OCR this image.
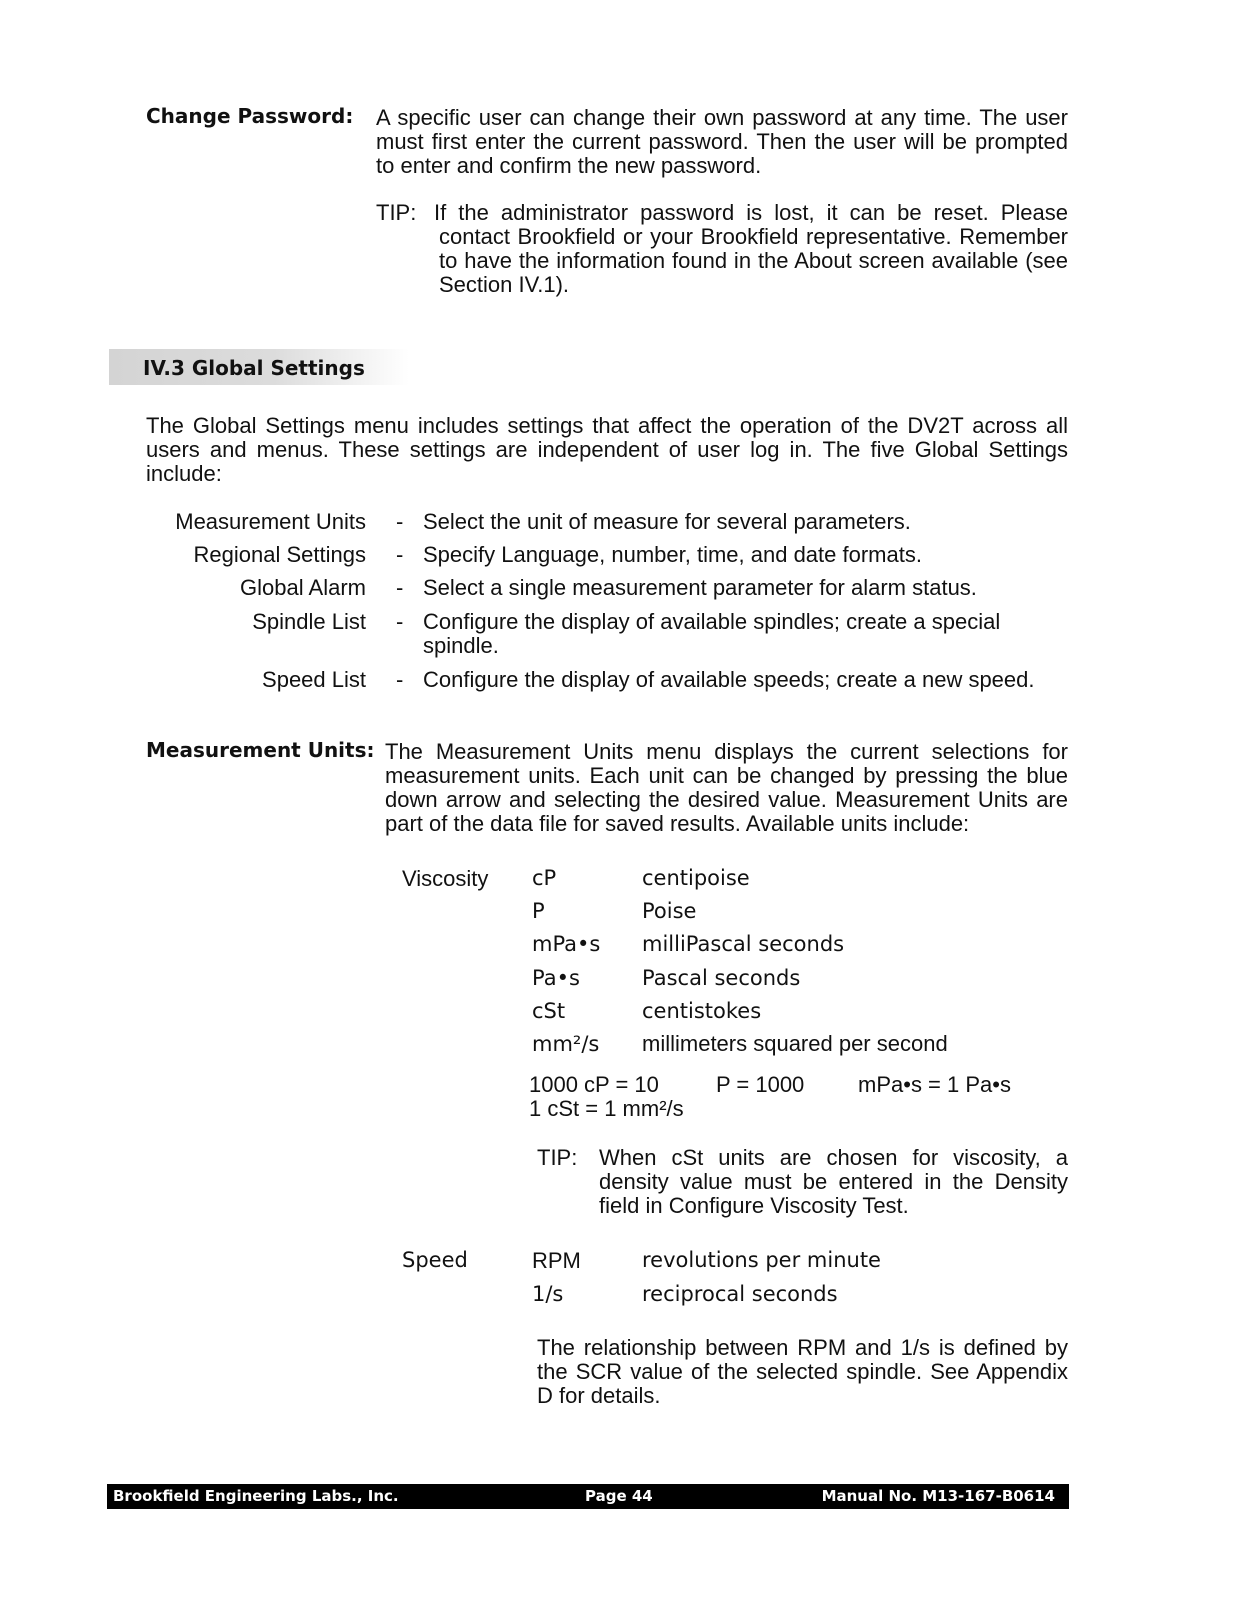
Change Password: A specific user can change their own password at any time. The user must first enter the current password. Then the user will be prompted to enter and confirm the new password.
TIP: If the administrator password is lost, it can be reset. Please contact Brookfield or your Brookfield representative. Remember to have the information found in the About screen available (see Section IV.1).
IV.3 Global Settings
The Global Settings menu includes settings that affect the operation of the DV2T across all users and menus. These settings are independent of user log in. The five Global Settings include:
Measurement Units - Select the unit of measure for several parameters.
Regional Settings - Specify Language, number, time, and date formats.
Global Alarm - Select a single measurement parameter for alarm status.
Spindle List - Configure the display of available spindles; create a special spindle.
Speed List - Configure the display of available speeds; create a new speed.
Measurement Units: The Measurement Units menu displays the current selections for measurement units. Each unit can be changed by pressing the blue down arrow and selecting the desired value. Measurement Units are part of the data file for saved results. Available units include:
Viscosity cP	centipoise
P	Poise
mPa•s milliPascal seconds
Pa•s	Pascal seconds
cSt	centistokes
mm²/s millimeters squared per second
1000 cP = 10	P = 1000 mPa•s = 1 Pa•s
1 cSt = 1 mm²/s
TIP: When cSt units are chosen for viscosity, a density value must be entered in the Density field in Configure Viscosity Test.
Speed	RPM	revolutions per minute
1/s	reciprocal seconds
The relationship between RPM and 1/s is defined by the SCR value of the selected spindle. See Appendix D for details.
Brookfield Engineering Labs., Inc.	Page 44	Manual No. M13-167-B0614
